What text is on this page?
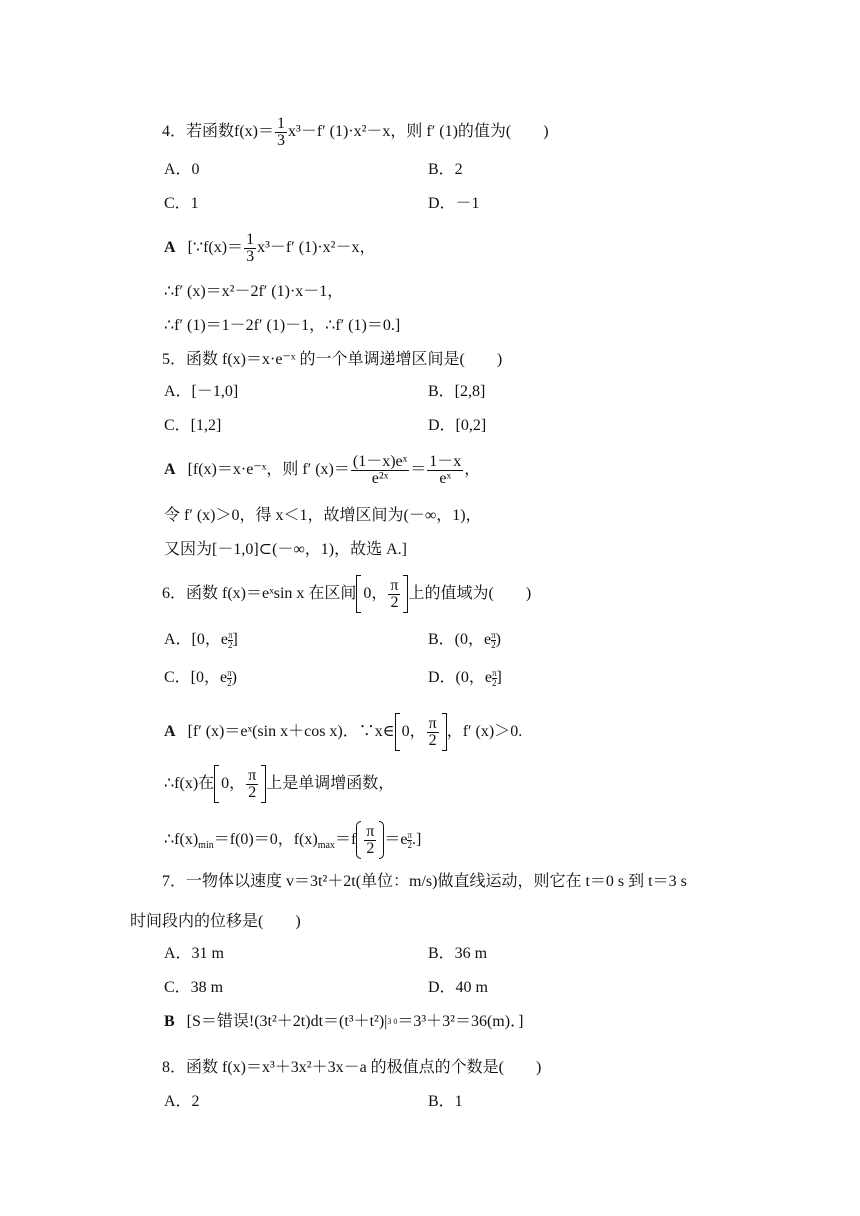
4．若函数$f(x)= \frac{1}{3} x^3-f'$ (1)·x²－x，则 f′ (1)的值为(　　)
A．0	B．2
C．1	D．－1
A [∵f(x)＝ $\frac{1}{3} x^3-f'$ (1)·x²－x，
∴f′ (x)＝x²－2f′ (1)·x－1，
∴f′ (1)＝1－2f′ (1)－1，∴f′ (1)＝0.]
5．函数 f(x)＝x·e⁻ˣ 的一个单调递增区间是(　　)
A．[－1,0]	B．[2,8]
C．[1,2]	D．[0,2]
A [f(x)＝x·e⁻ˣ，则 f′ $(x)= \frac{\text{(1－x)eˣ}}{\text{e²ˣ}} = \frac{1-x}{\text{eˣ}}$ ，
令 f′ (x)＞0，得 x＜1，故增区间为(－∞，1)，
又因为[－1,0]⊂(－∞，1)，故选 A.]
6．函数 f(x)＝eˣsin x 在区间 0， $\frac{\pi}{2}$ 上的值域为(　　)
A．[0，e $\frac{\pi}{2}$ ]	B．(0，e $\frac{\pi}{2}$ )
C．[0，e $\frac{\pi}{2}$ )	D．(0，e $\frac{\pi}{2}$ ]
A [f′ (x)＝eˣ(sin x＋cos x)．∵x∈ 0， $\frac{\pi}{2}$ ，f′ (x)＞0.
∴f(x)在 0， $\frac{\pi}{2}$ 上是单调增函数，
$\therefore f(x)_{min}=f(0)=0$，$f(x)_{max}=f \frac{\pi}{2} =e \frac{\pi}{2}$ .]
7．一物体以速度 v＝3t²＋2t(单位：m/s)做直线运动，则它在 t＝0 s 到 t＝3 s
时间段内的位移是(　　)
A．31 m	B．36 m
C．38 m	D．40 m
B [S＝错误!(3t²＋2t)dt＝(t³＋t²)|3 0＝3³＋3²＝36(m)．]
8．函数 f(x)＝x³＋3x²＋3x－a 的极值点的个数是(　　)
A．2	B．1
